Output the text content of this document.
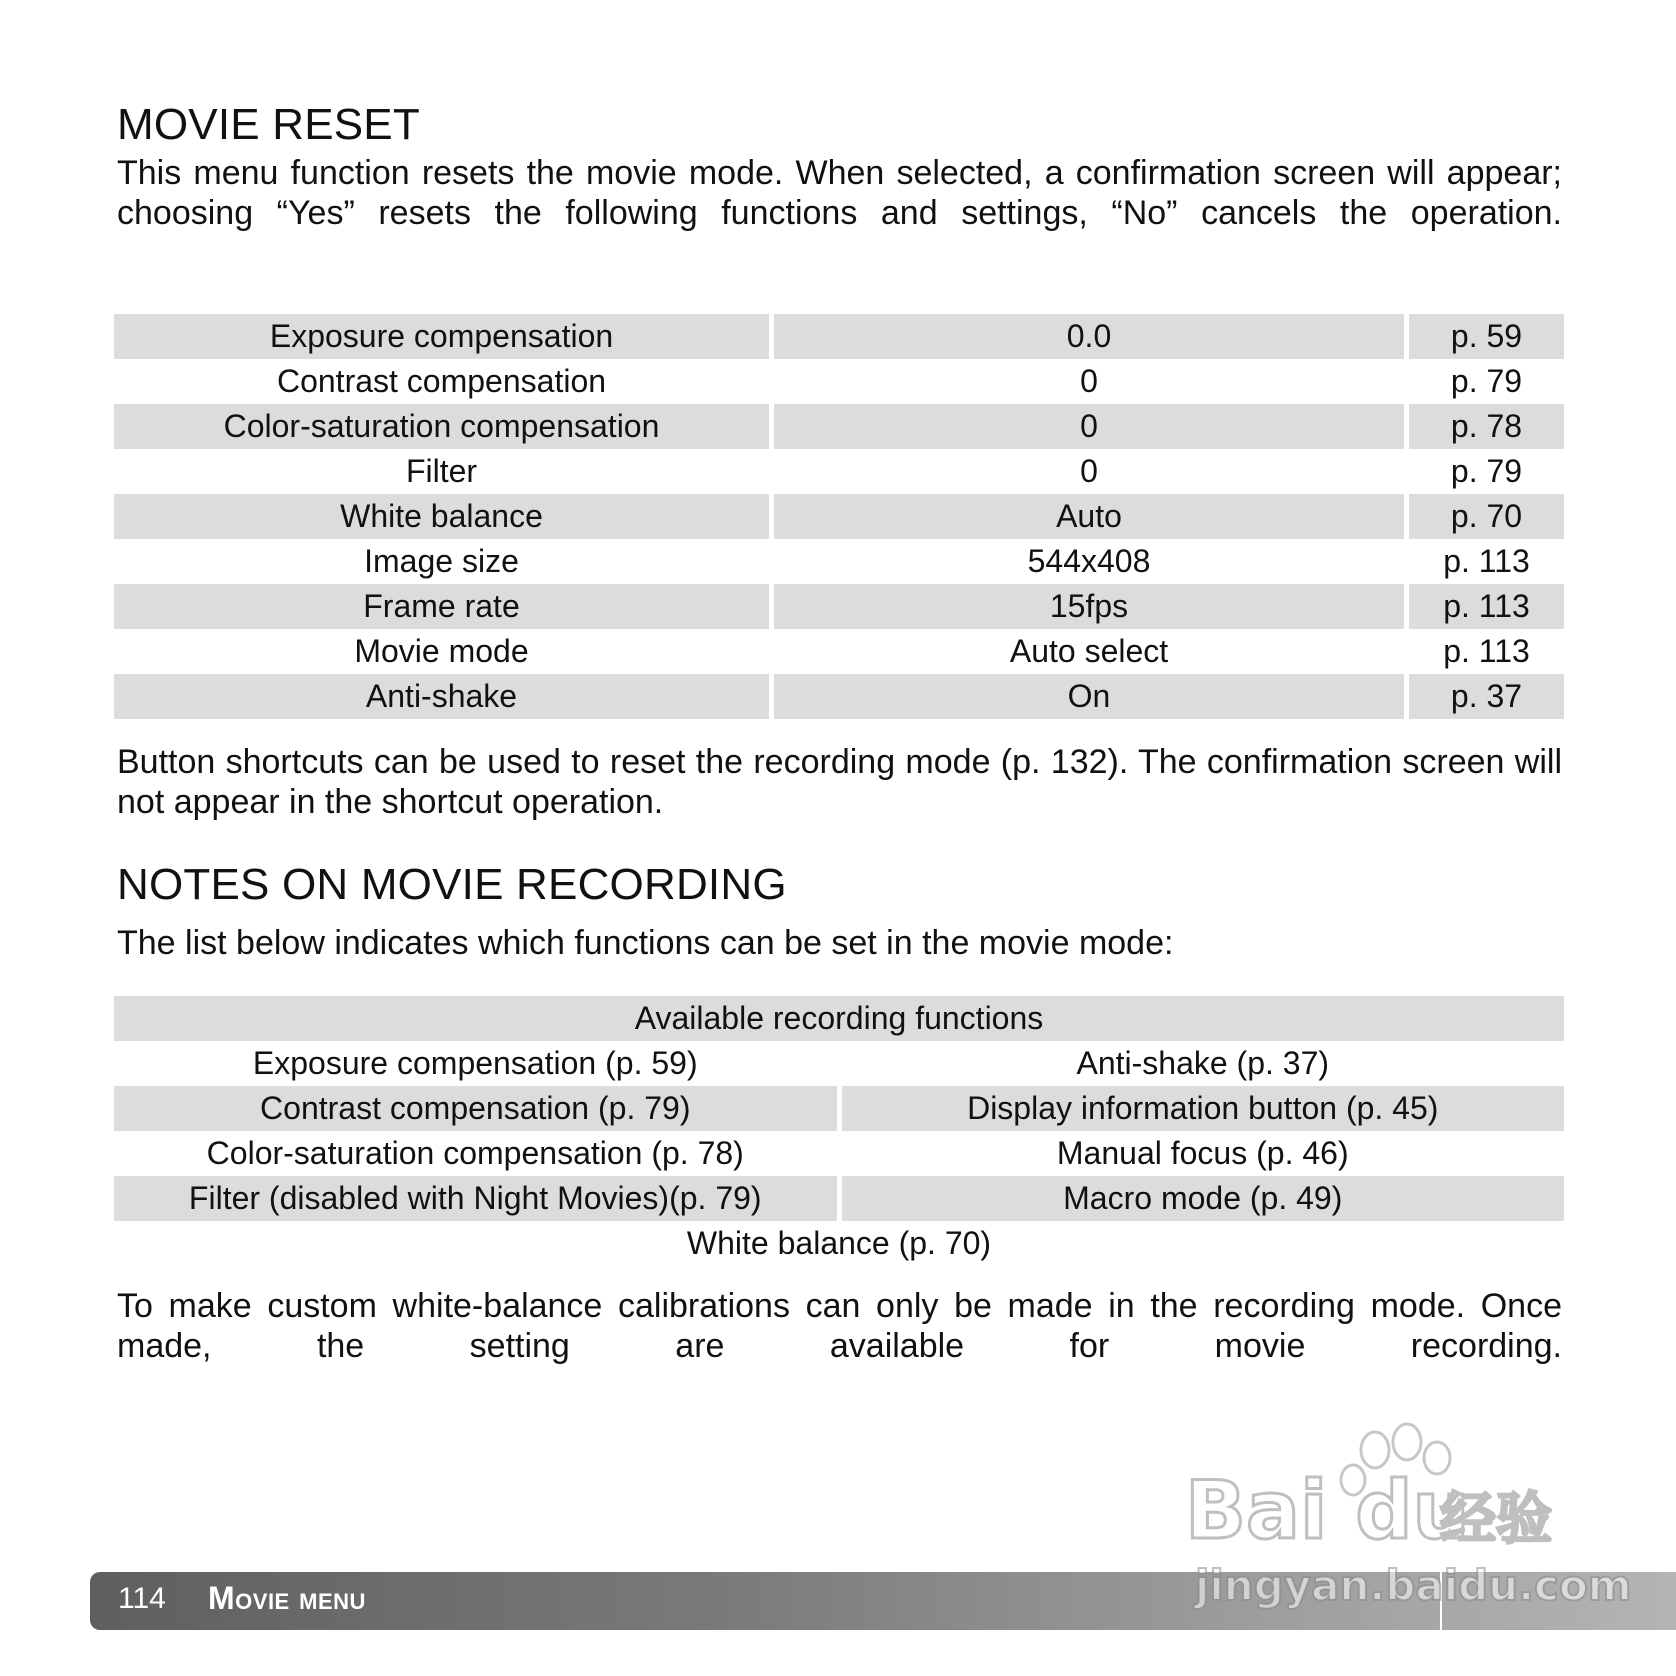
MOVIE RESET

This menu function resets the movie mode. When selected, a confirmation screen will appear; choosing “Yes” resets the following functions and settings, “No” cancels the operation.

Exposure compensation	0.0	p. 59
Contrast compensation	0	p. 79
Color-saturation compensation	0	p. 78
Filter	0	p. 79
White balance	Auto	p. 70
Image size	544x408	p. 113
Frame rate	15fps	p. 113
Movie mode	Auto select	p. 113
Anti-shake	On	p. 37

Button shortcuts can be used to reset the recording mode (p. 132). The confirmation screen will not appear in the shortcut operation.

NOTES ON MOVIE RECORDING

The list below indicates which functions can be set in the movie mode:

Available recording functions	
Exposure compensation (p. 59)	Anti-shake (p. 37)
Contrast compensation (p. 79)	Display information button (p. 45)
Color-saturation compensation (p. 78)	Manual focus (p. 46)
Filter (disabled with Night Movies)(p. 79)	Macro mode (p. 49)
White balance (p. 70)	

To make custom white-balance calibrations can only be made in the recording mode. Once made, the setting are available for movie recording.

114 Movie menu
Bai du
经验
jingyan.baidu.com
